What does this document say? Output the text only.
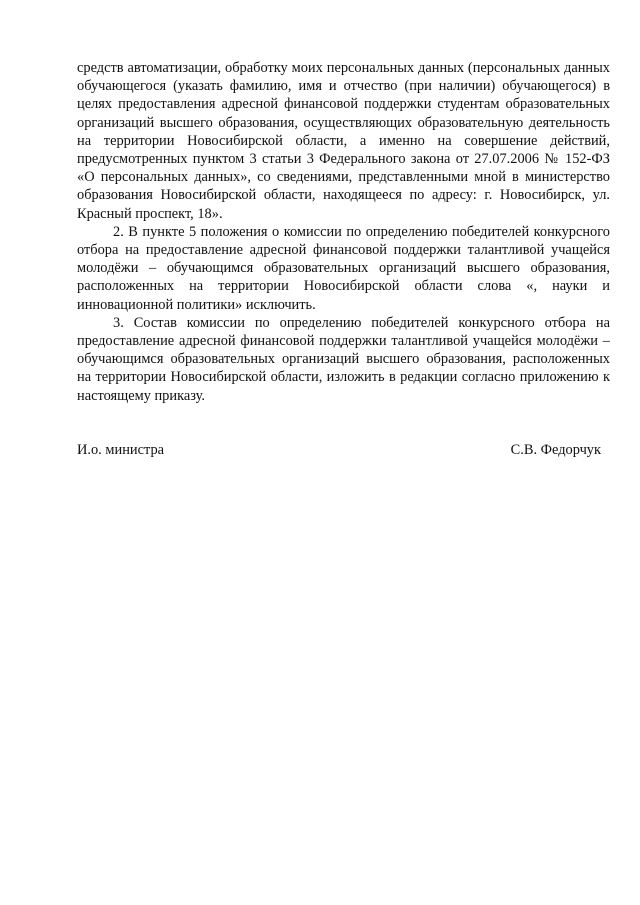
средств автоматизации, обработку моих персональных данных (персональных данных обучающегося (указать фамилию, имя и отчество (при наличии) обучающегося) в целях предоставления адресной финансовой поддержки студентам образовательных организаций высшего образования, осуществляющих образовательную деятельность на территории Новосибирской области, а именно на совершение действий, предусмотренных пунктом 3 статьи 3 Федерального закона от 27.07.2006 № 152-ФЗ «О персональных данных», со сведениями, представленными мной в министерство образования Новосибирской области, находящееся по адресу: г. Новосибирск, ул. Красный проспект, 18».

2. В пункте 5 положения о комиссии по определению победителей конкурсного отбора на предоставление адресной финансовой поддержки талантливой учащейся молодёжи – обучающимся образовательных организаций высшего образования, расположенных на территории Новосибирской области слова «, науки и инновационной политики» исключить.

3. Состав комиссии по определению победителей конкурсного отбора на предоставление адресной финансовой поддержки талантливой учащейся молодёжи – обучающимся образовательных организаций высшего образования, расположенных на территории Новосибирской области, изложить в редакции согласно приложению к настоящему приказу.

И.о. министра	С.В. Федорчук
